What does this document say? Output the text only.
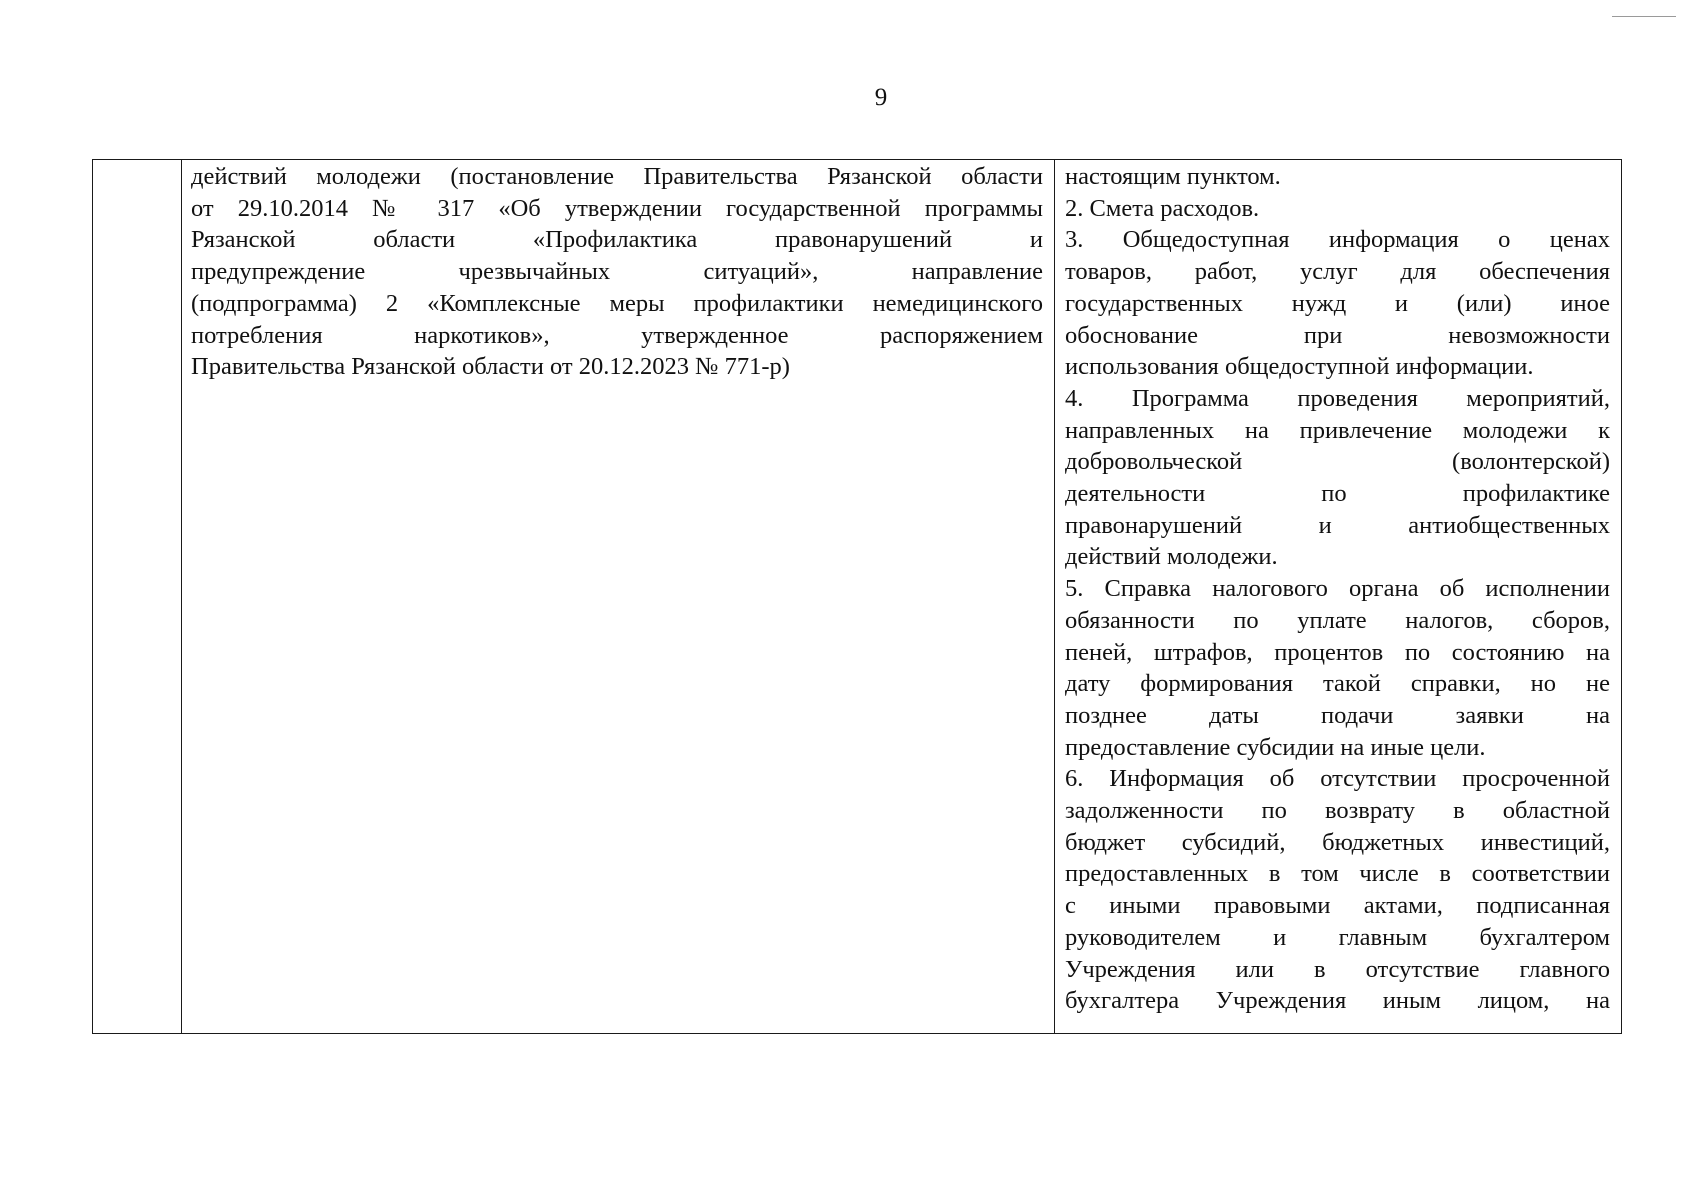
9

действий молодежи (постановление Правительства Рязанской области
от 29.10.2014 № 317 «Об утверждении государственной программы
Рязанской области «Профилактика правонарушений и
предупреждение чрезвычайных ситуаций», направление
(подпрограмма) 2 «Комплексные меры профилактики немедицинского
потребления наркотиков», утвержденное распоряжением
Правительства Рязанской области от 20.12.2023 № 771-р)

настоящим пунктом.
2. Смета расходов.
3. Общедоступная информация о ценах
товаров, работ, услуг для обеспечения
государственных нужд и (или) иное
обоснование при невозможности
использования общедоступной информации.
4. Программа проведения мероприятий,
направленных на привлечение молодежи к
добровольческой (волонтерской)
деятельности по профилактике
правонарушений и антиобщественных
действий молодежи.
5. Справка налогового органа об исполнении
обязанности по уплате налогов, сборов,
пеней, штрафов, процентов по состоянию на
дату формирования такой справки, но не
позднее даты подачи заявки на
предоставление субсидии на иные цели.
6. Информация об отсутствии просроченной
задолженности по возврату в областной
бюджет субсидий, бюджетных инвестиций,
предоставленных в том числе в соответствии
с иными правовыми актами, подписанная
руководителем и главным бухгалтером
Учреждения или в отсутствие главного
бухгалтера Учреждения иным лицом, на
